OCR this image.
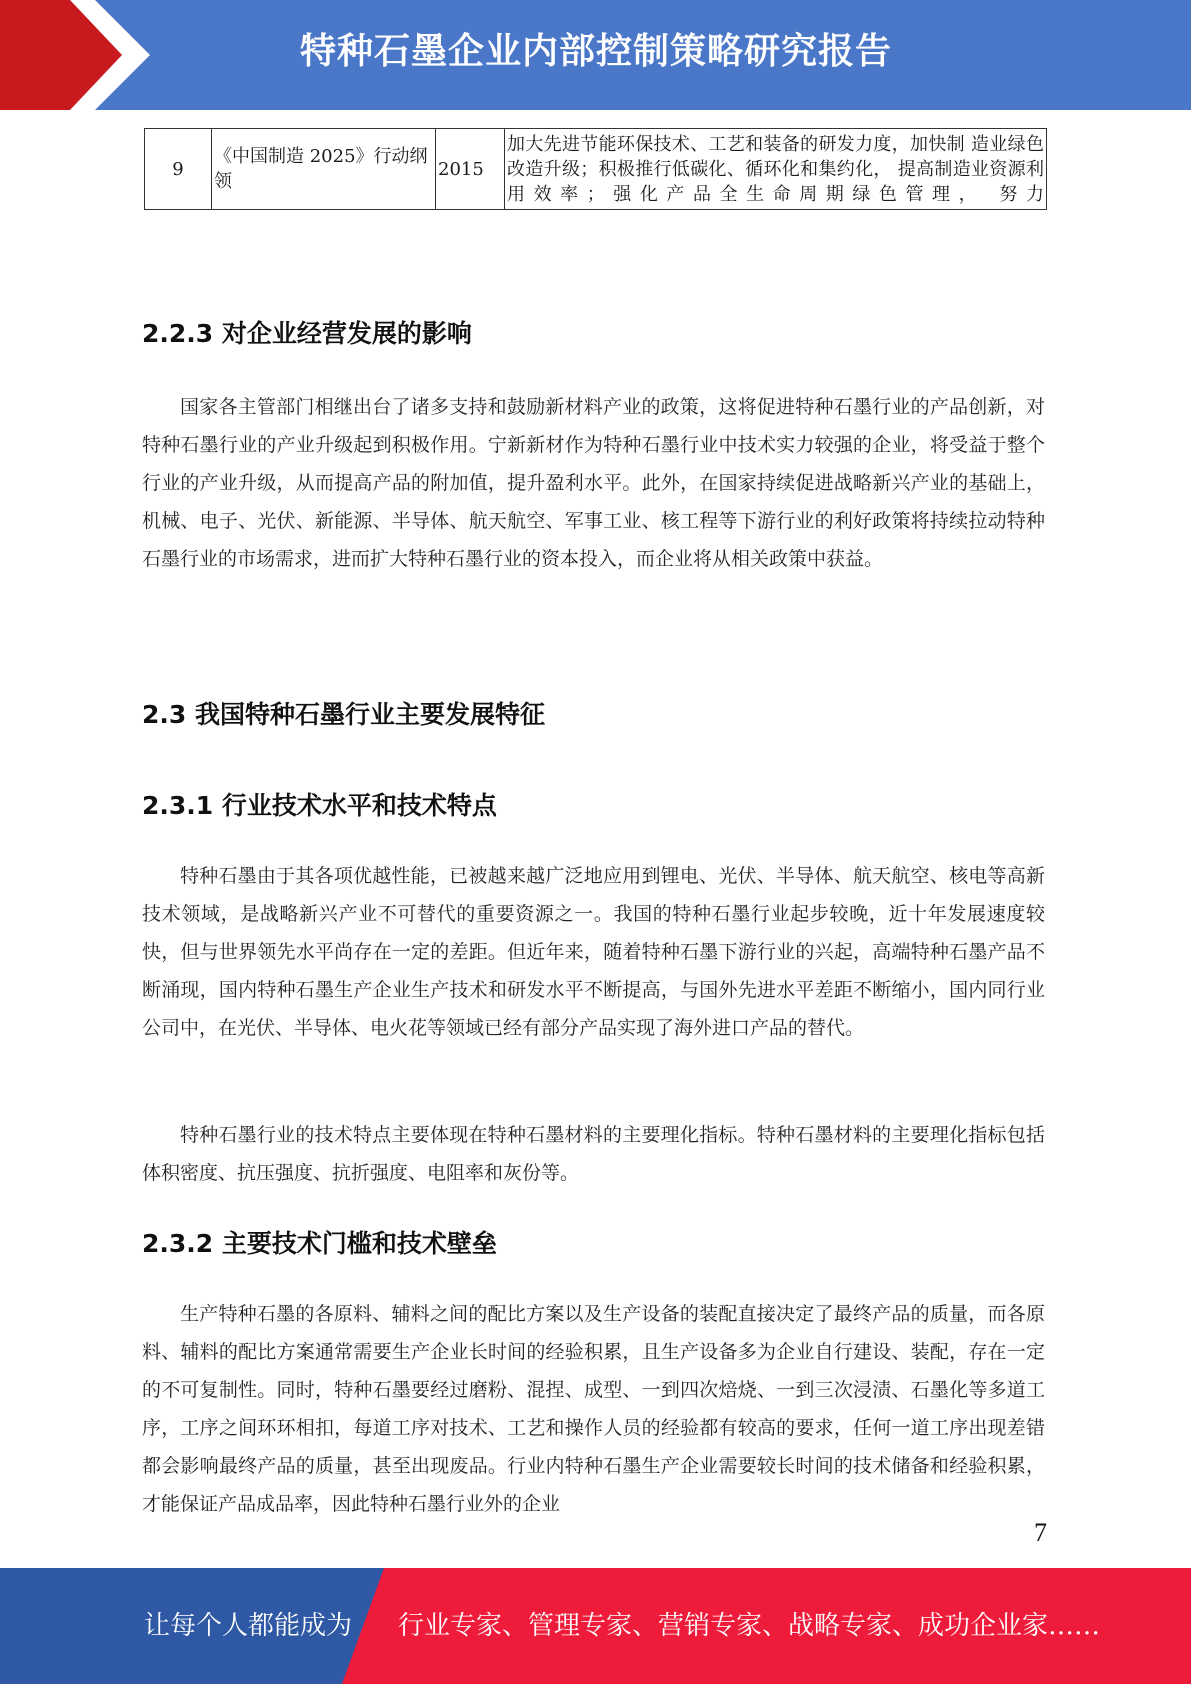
特种石墨企业内部控制策略研究报告
9	《中国制造 2025》行动纲领	2015	加大先进节能环保技术、工艺和装备的研发力度，加快制 造业绿色改造升级；积极推行低碳化、循环化和集约化， 提高制造业资源利用效率；强化产品全生命周期绿色管理， 努力
2.2.3 对企业经营发展的影响

国家各主管部门相继出台了诸多支持和鼓励新材料产业的政策，这将促进特种石墨行业的产品创新，对特种石墨行业的产业升级起到积极作用。宁新新材作为特种石墨行业中技术实力较强的企业，将受益于整个行业的产业升级，从而提高产品的附加值，提升盈利水平。此外，在国家持续促进战略新兴产业的基础上，机械、电子、光伏、新能源、半导体、航天航空、军事工业、核工程等下游行业的利好政策将持续拉动特种石墨行业的市场需求，进而扩大特种石墨行业的资本投入，而企业将从相关政策中获益。

2.3 我国特种石墨行业主要发展特征
2.3.1 行业技术水平和技术特点

特种石墨由于其各项优越性能，已被越来越广泛地应用到锂电、光伏、半导体、航天航空、核电等高新技术领域，是战略新兴产业不可替代的重要资源之一。我国的特种石墨行业起步较晚，近十年发展速度较快，但与世界领先水平尚存在一定的差距。但近年来，随着特种石墨下游行业的兴起，高端特种石墨产品不断涌现，国内特种石墨生产企业生产技术和研发水平不断提高，与国外先进水平差距不断缩小，国内同行业公司中，在光伏、半导体、电火花等领域已经有部分产品实现了海外进口产品的替代。

特种石墨行业的技术特点主要体现在特种石墨材料的主要理化指标。特种石墨材料的主要理化指标包括体积密度、抗压强度、抗折强度、电阻率和灰份等。

2.3.2 主要技术门槛和技术壁垒

生产特种石墨的各原料、辅料之间的配比方案以及生产设备的装配直接决定了最终产品的质量，而各原料、辅料的配比方案通常需要生产企业长时间的经验积累，且生产设备多为企业自行建设、装配，存在一定的不可复制性。同时，特种石墨要经过磨粉、混捏、成型、一到四次焙烧、一到三次浸渍、石墨化等多道工序，工序之间环环相扣，每道工序对技术、工艺和操作人员的经验都有较高的要求，任何一道工序出现差错都会影响最终产品的质量，甚至出现废品。行业内特种石墨生产企业需要较长时间的技术储备和经验积累，才能保证产品成品率，因此特种石墨行业外的企业

7
让每个人都能成为 行业专家、管理专家、营销专家、战略专家、成功企业家……
